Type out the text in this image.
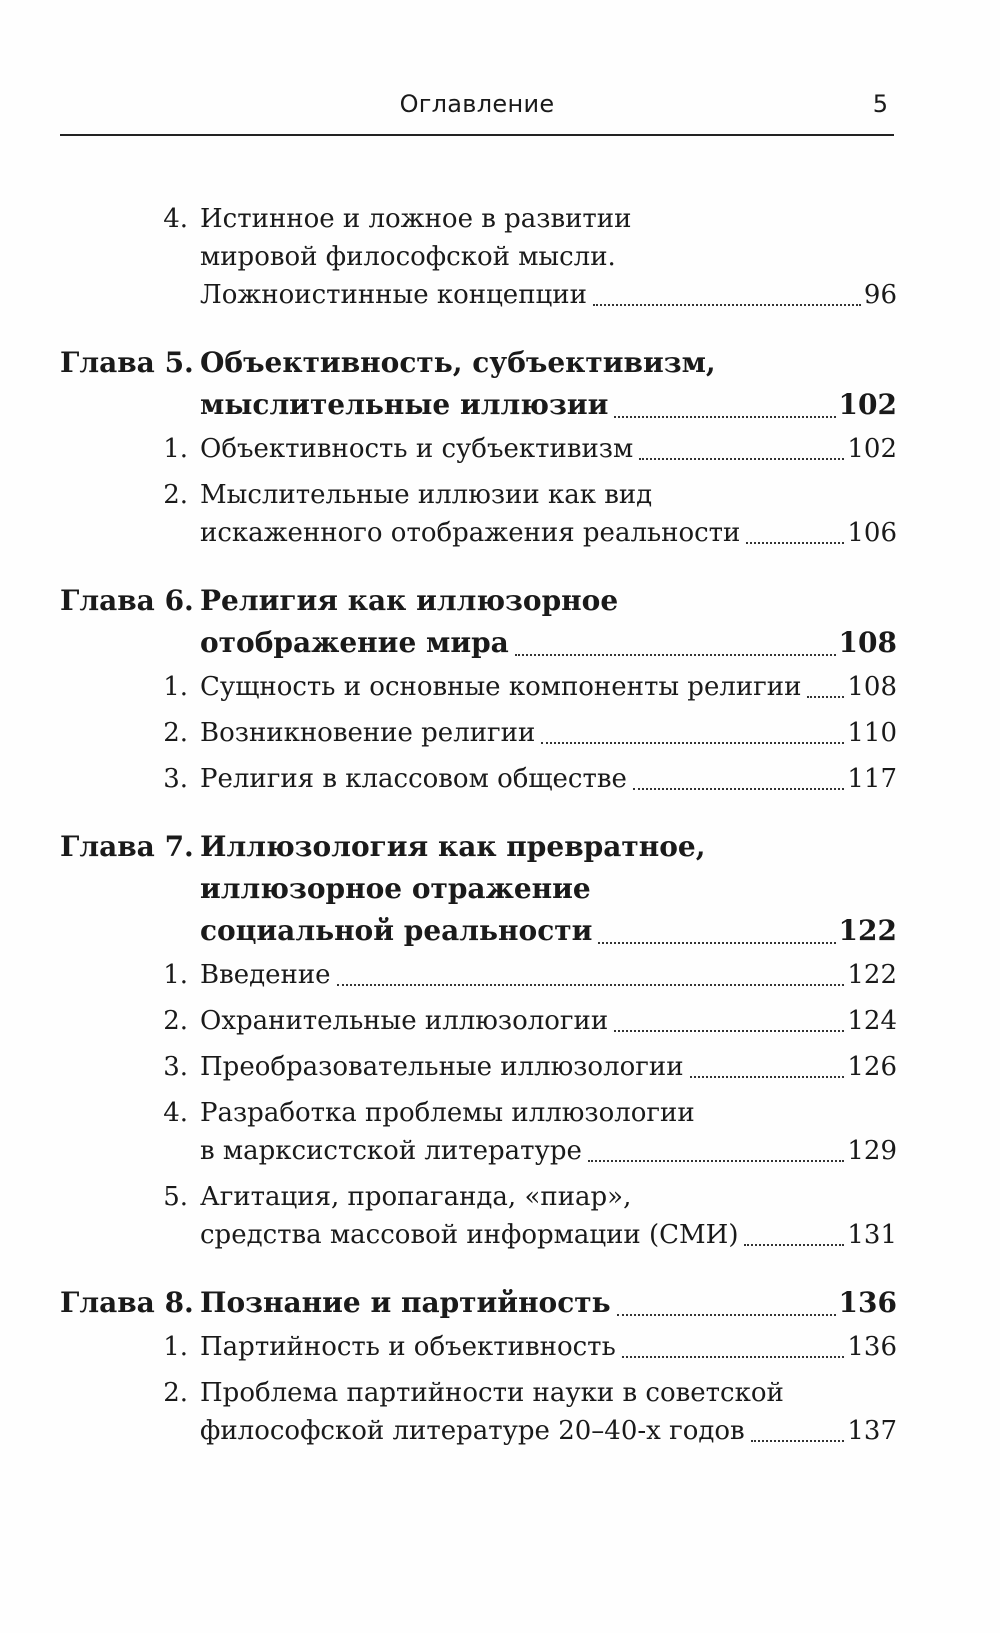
Оглавление	5
4. Истинное и ложное в развитии
мировой философской мысли.
Ложноистинные концепции	96
Глава 5. Объективность, субъективизм,
мыслительные иллюзии	102
1. Объективность и субъективизм	102
2. Мыслительные иллюзии как вид
искаженного отображения реальности	106
Глава 6. Религия как иллюзорное
отображение мира	108
1. Сущность и основные компоненты религии 108
2. Возникновение религии	110
3. Религия в классовом обществе	117
Глава 7. Иллюзология как превратное,
иллюзорное отражение
социальной реальности	122
1. Введение	122
2. Охранительные иллюзологии	124
3. Преобразовательные иллюзологии	126
4. Разработка проблемы иллюзологии
в марксистской литературе	129
5. Агитация, пропаганда, «пиар»,
средства массовой информации (СМИ)	131
Глава 8. Познание и партийность	136
1. Партийность и объективность	136
2. Проблема партийности науки в советской
философской литературе 20–40-х годов	137
